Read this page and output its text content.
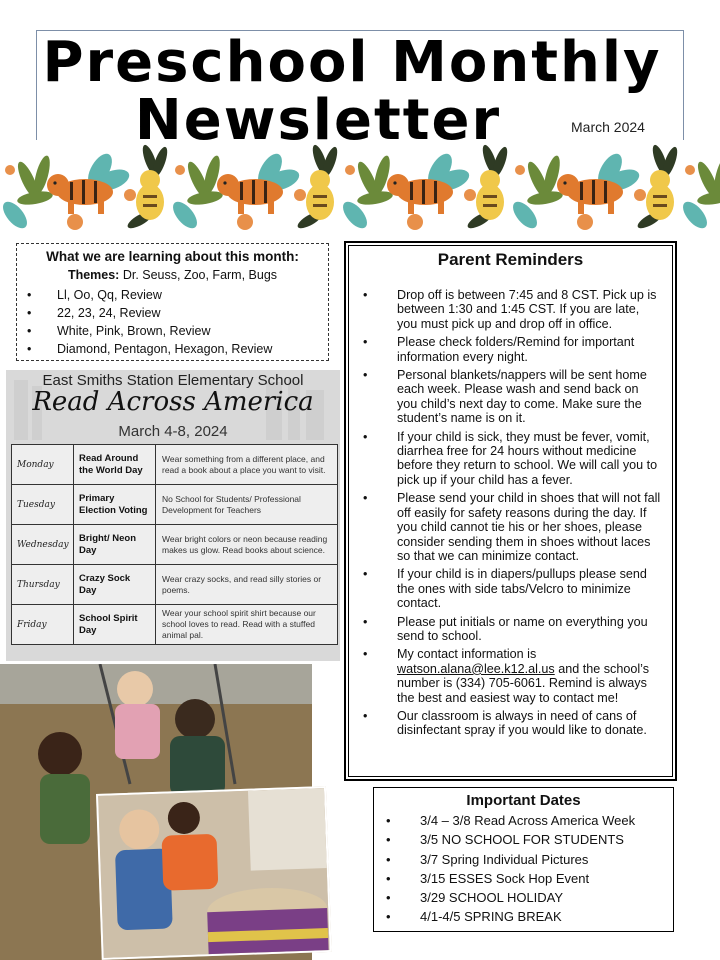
Preschool Monthly
Newsletter	March 2024
What we are learning about this month:
Themes: Dr. Seuss, Zoo, Farm, Bugs
• Ll, Oo, Qq, Review
• 22, 23, 24, Review
• White, Pink, Brown, Review
• Diamond, Pentagon, Hexagon, Review
East Smiths Station Elementary School
Read Across America
March 4-8, 2024
Monday	Read Around the World Day	Wear something from a different place, and read a book about a place you want to visit.
Tuesday	Primary Election Voting	No School for Students/ Professional Development for Teachers
Wednesday	Bright/ Neon Day	Wear bright colors or neon because reading makes us glow. Read books about science.
Thursday	Crazy Sock Day	Wear crazy socks, and read silly stories or poems.
Friday	School Spirit Day	Wear your school spirit shirt because our school loves to read. Read with a stuffed animal pal.
Parent Reminders
• Drop off is between 7:45 and 8 CST. Pick up is between 1:30 and 1:45 CST. If you are late, you must pick up and drop off in office.
• Please check folders/Remind for important information every night.
• Personal blankets/nappers will be sent home each week. Please wash and send back on you child’s next day to come. Make sure the student’s name is on it.
• If your child is sick, they must be fever, vomit, diarrhea free for 24 hours without medicine before they return to school. We will call you to pick up if your child has a fever.
• Please send your child in shoes that will not fall off easily for safety reasons during the day. If you child cannot tie his or her shoes, please consider sending them in shoes without laces so that we can minimize contact.
• If your child is in diapers/pullups please send the ones with side tabs/Velcro to minimize contact.
• Please put initials or name on everything you send to school.
• My contact information is watson.alana@lee.k12.al.us and the school’s number is (334) 705-6061. Remind is always the best and easiest way to contact me!
• Our classroom is always in need of cans of disinfectant spray if you would like to donate.
Important Dates
• 3/4 – 3/8 Read Across America Week
• 3/5 NO SCHOOL FOR STUDENTS
• 3/7 Spring Individual Pictures
• 3/15 ESSES Sock Hop Event
• 3/29 SCHOOL HOLIDAY
• 4/1-4/5 SPRING BREAK
